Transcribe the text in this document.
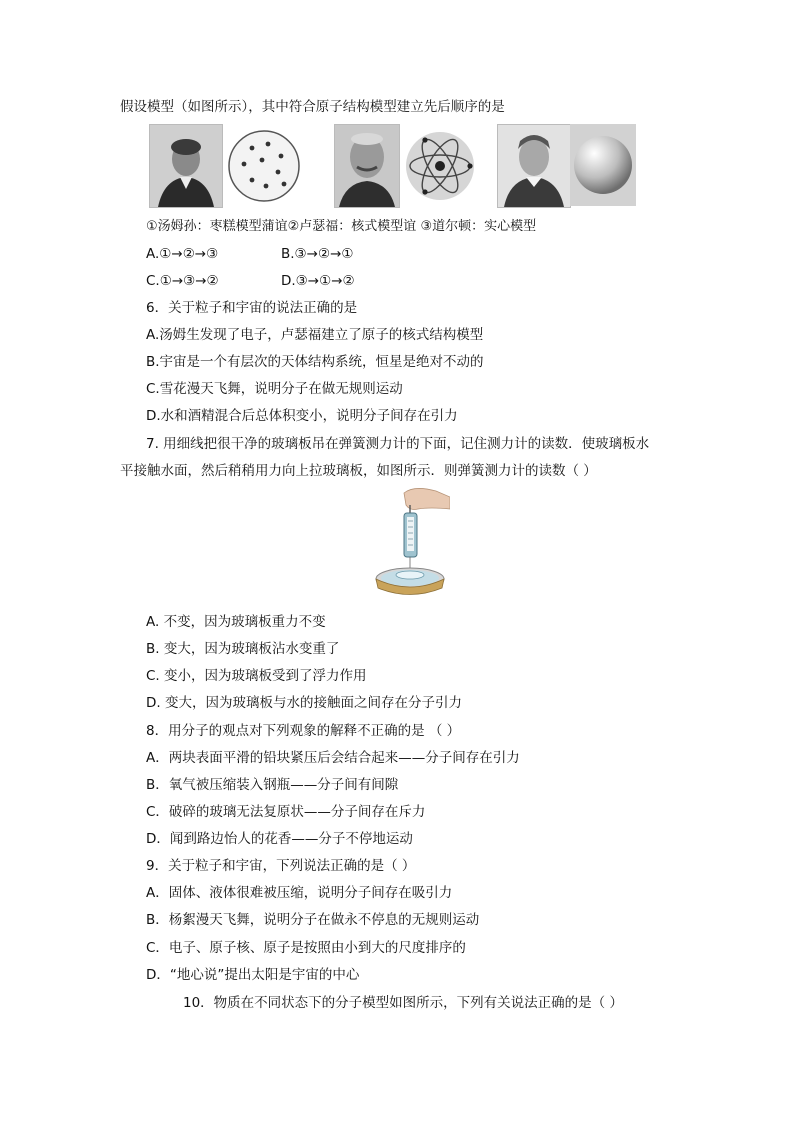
假设模型（如图所示），其中符合原子结构模型建立先后顺序的是
①汤姆孙：枣糕模型蒲谊②卢瑟福：核式模型谊 ③道尔顿：实心模型
A.①→②→③	B.③→②→①
C.①→③→②	D.③→①→②
6．关于粒子和宇宙的说法正确的是
A.汤姆生发现了电子，卢瑟福建立了原子的核式结构模型
B.宇宙是一个有层次的天体结构系统，恒星是绝对不动的
C.雪花漫天飞舞，说明分子在做无规则运动
D.水和酒精混合后总体积变小，说明分子间存在引力
7. 用细线把很干净的玻璃板吊在弹簧测力计的下面，记住测力计的读数．使玻璃板水
平接触水面，然后稍稍用力向上拉玻璃板，如图所示．则弹簧测力计的读数（ ）
A. 不变，因为玻璃板重力不变
B. 变大，因为玻璃板沾水变重了
C. 变小，因为玻璃板受到了浮力作用
D. 变大，因为玻璃板与水的接触面之间存在分子引力
8．用分子的观点对下列观象的解释不正确的是 （ ）
A．两块表面平滑的铅块紧压后会结合起来——分子间存在引力
B．氧气被压缩装入钢瓶——分子间有间隙
C．破碎的玻璃无法复原状——分子间存在斥力
D．闻到路边怡人的花香——分子不停地运动
9．关于粒子和宇宙，下列说法正确的是（ ）
A．固体、液体很难被压缩，说明分子间存在吸引力
B．杨絮漫天飞舞，说明分子在做永不停息的无规则运动
C．电子、原子核、原子是按照由小到大的尺度排序的
D．“地心说”提出太阳是宇宙的中心
10．物质在不同状态下的分子模型如图所示，下列有关说法正确的是（ ）
